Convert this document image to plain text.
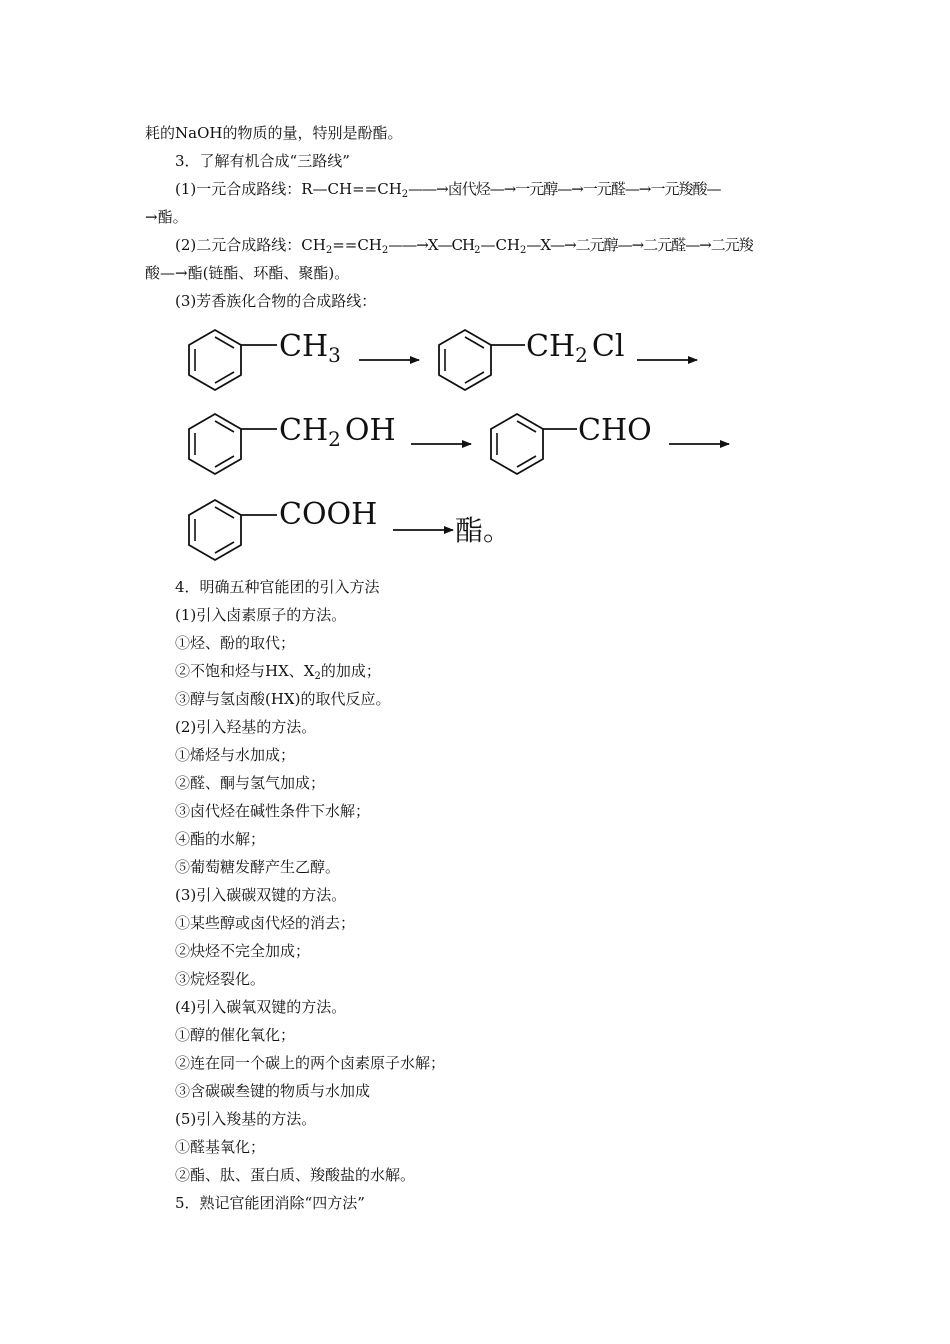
耗的NaOH的物质的量，特别是酚酯。
3．了解有机合成“三路线”
(1)一元合成路线：$R—CH==CH_2——\to$卤代烃—→一元醇—→一元醛—→一元羧酸—
→酯。
(2)二元合成路线：$CH_2==CH_2——\to X—CH_2—CH_2—X—\to$二元醇—→二元醛—→二元羧
酸—→酯(链酯、环酯、聚酯)。
(3)芳香族化合物的合成路线：
$CH_3$	$CH_2$ Cl
$CH_2$ OH	CHO
COOH	酯。
4．明确五种官能团的引入方法
(1)引入卤素原子的方法。
①烃、酚的取代；
②不饱和烃与HX、$X_2$的加成；
③醇与氢卤酸(HX)的取代反应。
(2)引入羟基的方法。
①烯烃与水加成；
②醛、酮与氢气加成；
③卤代烃在碱性条件下水解；
④酯的水解；
⑤葡萄糖发酵产生乙醇。
(3)引入碳碳双键的方法。
①某些醇或卤代烃的消去；
②炔烃不完全加成；
③烷烃裂化。
(4)引入碳氧双键的方法。
①醇的催化氧化；
②连在同一个碳上的两个卤素原子水解；
③含碳碳叁键的物质与水加成
(5)引入羧基的方法。
①醛基氧化；
②酯、肽、蛋白质、羧酸盐的水解。
5．熟记官能团消除“四方法”
